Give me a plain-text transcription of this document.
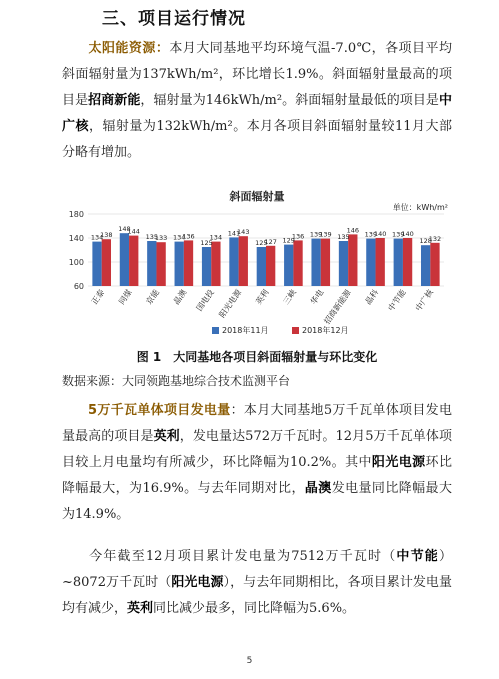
三、项目运行情况
太阳能资源：本月大同基地平均环境气温-7.0℃，各项目平均斜面辐射量为137kWh/m²，环比增长1.9%。斜面辐射量最高的项目是招商新能，辐射量为146kWh/m²。斜面辐射量最低的项目是中广核，辐射量为132kWh/m²。本月各项目斜面辐射量较11月大部分略有增加。
斜面辐射量
单位：kWh/m²
60
100
140
180
134
138
148
144
135
133 134
136
125
134
141
143
125
127 129
136 139
139 135
146
139
140 139
140
128
132
正泰 同煤 京能 晶澳 国电投 阳光电源 英利 三峡 华电
招商新能源 晶科 中节能 中广核
2018年11月	2018年12月
图 1　大同基地各项目斜面辐射量与环比变化
数据来源：大同领跑基地综合技术监测平台
5万千瓦单体项目发电量：本月大同基地5万千瓦单体项目发电量最高的项目是英利，发电量达572万千瓦时。12月5万千瓦单体项目较上月电量均有所减少，环比降幅为10.2%。其中阳光电源环比降幅最大，为16.9%。与去年同期对比，晶澳发电量同比降幅最大为14.9%。
今年截至12月项目累计发电量为7512万千瓦时（中节能）~8072万千瓦时（阳光电源），与去年同期相比，各项目累计发电量均有减少，英利同比减少最多，同比降幅为5.6%。
5
